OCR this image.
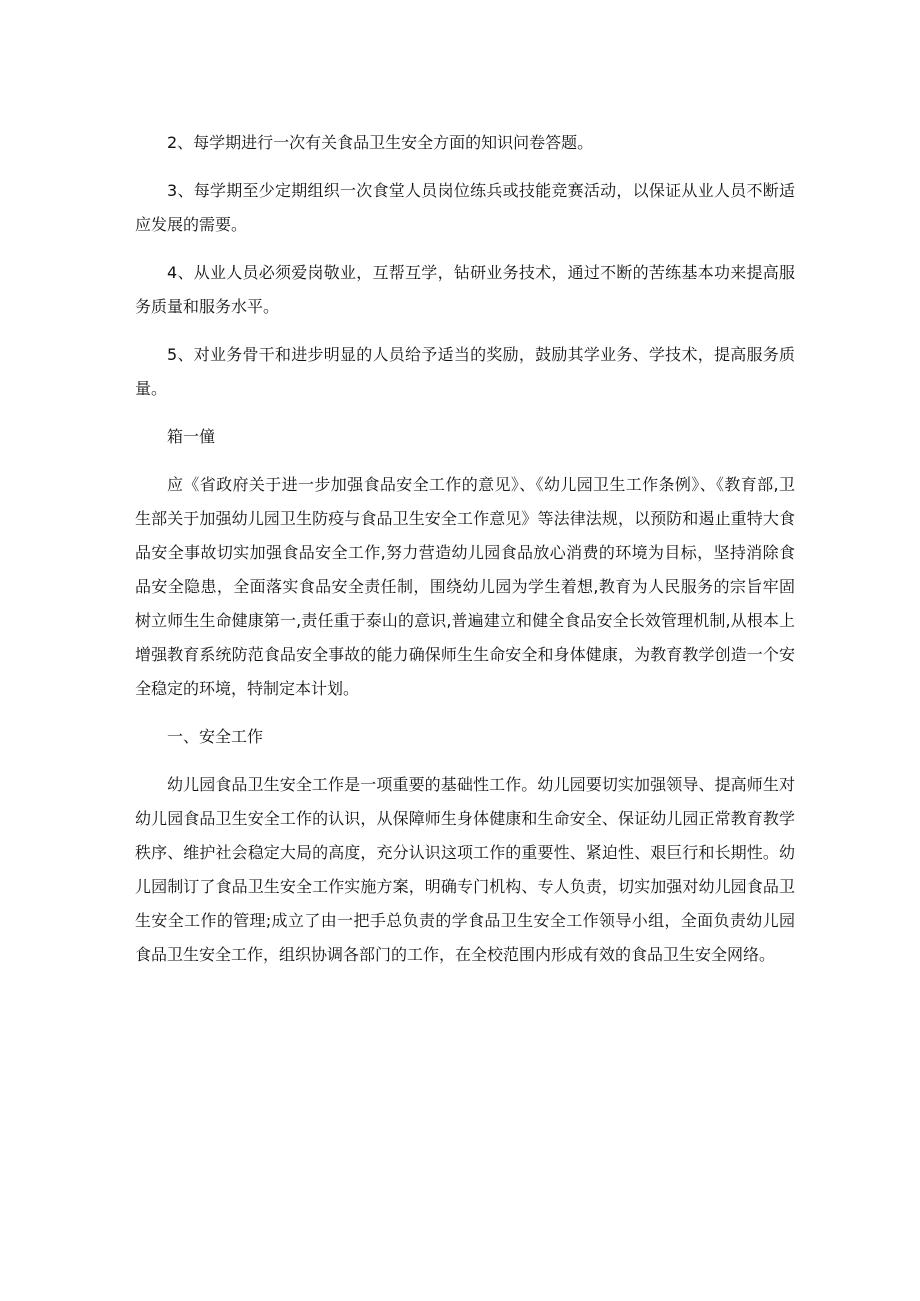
2、每学期进行一次有关食品卫生安全方面的知识问卷答题。

3、每学期至少定期组织一次食堂人员岗位练兵或技能竞赛活动，以保证从业人员不断适应发展的需要。

4、从业人员必须爱岗敬业，互帮互学，钻研业务技术，通过不断的苦练基本功来提高服务质量和服务水平。

5、对业务骨干和进步明显的人员给予适当的奖励，鼓励其学业务、学技术，提高服务质量。

箱一僮

应《省政府关于进一步加强食品安全工作的意见》、《幼儿园卫生工作条例》、《教育部,卫生部关于加强幼儿园卫生防疫与食品卫生安全工作意见》等法律法规，以预防和遏止重特大食品安全事故切实加强食品安全工作,努力营造幼儿园食品放心消费的环境为目标，坚持消除食品安全隐患，全面落实食品安全责任制，围绕幼儿园为学生着想,教育为人民服务的宗旨牢固树立师生生命健康第一,责任重于泰山的意识,普遍建立和健全食品安全长效管理机制,从根本上增强教育系统防范食品安全事故的能力确保师生生命安全和身体健康，为教育教学创造一个安全稳定的环境，特制定本计划。

一、安全工作

幼儿园食品卫生安全工作是一项重要的基础性工作。幼儿园要切实加强领导、提高师生对幼儿园食品卫生安全工作的认识，从保障师生身体健康和生命安全、保证幼儿园正常教育教学秩序、维护社会稳定大局的高度，充分认识这项工作的重要性、紧迫性、艰巨行和长期性。幼儿园制订了食品卫生安全工作实施方案，明确专门机构、专人负责，切实加强对幼儿园食品卫生安全工作的管理;成立了由一把手总负责的学食品卫生安全工作领导小组，全面负责幼儿园食品卫生安全工作，组织协调各部门的工作，在全校范围内形成有效的食品卫生安全网络。
